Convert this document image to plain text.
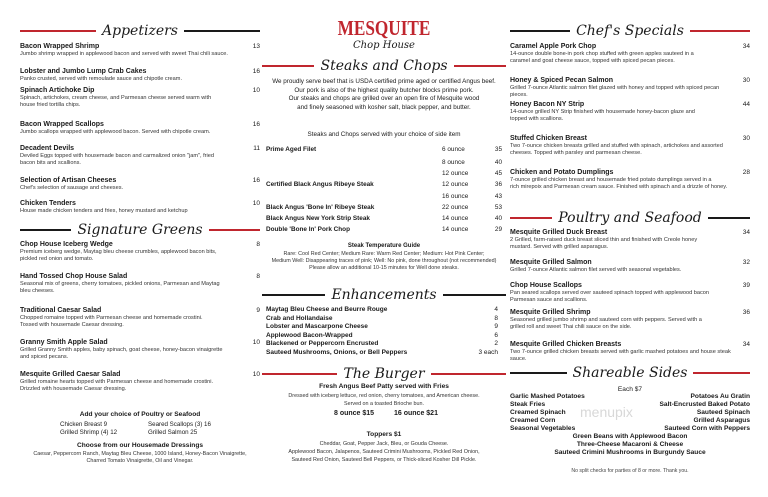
Appetizers
Bacon Wrapped Shrimp	13
Jumbo shrimp wrapped in applewood bacon and served with sweet Thai chili sauce.
Lobster and Jumbo Lump Crab Cakes	16
Panko crusted, served with remoulade sauce and chipotle cream.
Spinach Artichoke Dip	10
Spinach, artichokes, cream cheese, and Parmesan cheese served warm with
house fried tortilla chips.
Bacon Wrapped Scallops	16
Jumbo scallops wrapped with applewood bacon. Served with chipotle cream.
Decadent Devils	11
Deviled Eggs topped with housemade bacon and carmalized onion "jam", fried
bacon bits and scallions.
Selection of Artisan Cheeses	16
Chef's selection of sausage and cheeses.
Chicken Tenders	10
House made chicken tenders and fries, honey mustard and ketchup
Signature Greens
Chop House Iceberg Wedge	8
Premium iceberg wedge, Maytag bleu cheese crumbles, applewood bacon bits,
pickled red onion and tomato.
Hand Tossed Chop House Salad	8
Seasonal mix of greens, cherry tomatoes, pickled onions, Parmesan and Maytag
bleu cheeses.
Traditional Caesar Salad	9
Chopped romaine topped with Parmesan cheese and homemade crostini.
Tossed with housemade Caesar dressing.
Granny Smith Apple Salad	10
Grilled Granny Smith apples, baby spinach, goat cheese, honey-bacon vinaigrette
and spiced pecans.
Mesquite Grilled Caesar Salad	10
Grilled romaine hearts topped with Parmesan cheese and homemade crostini.
Drizzled with housemade Caesar dressing.
Add your choice of Poultry or Seafood
Chicken Breast 9
Grilled Shrimp (4) 12
Seared Scallops (3) 16
Grilled Salmon 25
Choose from our Housemade Dressings
Caesar, Peppercorn Ranch, Maytag Bleu Cheese, 1000 Island, Honey-Bacon Vinaigrette,
Charred Tomato Vinaigrette, Oil and Vinegar.
MESQUITE
Chop House
Steaks and Chops
We proudly serve beef that is USDA certified prime aged or certified Angus beef.
Our pork is also of the highest quality butcher blocks prime pork.
Our steaks and chops are grilled over an open fire of Mesquite wood
and finely seasoned with kosher salt, black pepper, and butter.
Steaks and Chops served with your choice of side item
Prime Aged Filet	6 ounce	35
8 ounce	40
12 ounce	45
Certified Black Angus Ribeye Steak	12 ounce	36
16 ounce	43
Black Angus 'Bone In' Ribeye Steak	22 ounce	53
Black Angus New York Strip Steak	14 ounce	40
Double 'Bone In' Pork Chop	14 ounce	29
Steak Temperature Guide
Rare: Cool Red Center; Medium Rare: Warm Red Center; Medium: Hot Pink Center;
Medium Well: Disappearing traces of pink; Well: No pink, done throughout (not recommended)
Please allow an additional 10-15 minutes for Well done steaks.
Enhancements
Maytag Bleu Cheese and Beurre Rouge	4
Crab and Hollandaise	8
Lobster and Mascarpone Cheese	9
Applewood Bacon-Wrapped	6
Blackened or Peppercorn Encrusted	2
Sauteed Mushrooms, Onions, or Bell Peppers	3 each
The Burger
Fresh Angus Beef Patty served with Fries
Dressed with iceberg lettuce, red onion, cherry tomatoes, and American cheese.
Served on a toasted Brioche bun.
8 ounce $15	16 ounce $21
Toppers $1
Cheddar, Goat, Pepper Jack, Bleu, or Gouda Cheese.
Applewood Bacon, Jalapenos, Sauteed Crimini Mushrooms, Pickled Red Onion,
Sauteed Red Onion, Sauteed Bell Peppers, or Thick-sliced Kosher Dill Pickle.
Chef's Specials
Caramel Apple Pork Chop	34
14-ounce double bone-in pork chop stuffed with green apples sauteed in a
caramel and goat cheese sauce, topped with spiced pecan pieces.
Honey & Spiced Pecan Salmon	30
Grilled 7-ounce Atlantic salmon filet glazed with honey and topped with spiced pecan pieces.
Honey Bacon NY Strip	44
14-ounce grilled NY Strip finished with housemade honey-bacon glaze and
topped with scallions.
Stuffed Chicken Breast	30
Two 7-ounce chicken breasts grilled and stuffed with spinach, artichokes and assorted
cheeses. Topped with parsley and parmesan cheese.
Chicken and Potato Dumplings	28
7-ounce grilled chicken breast and housemade fried potato dumplings served in a
rich mirepoix and Parmesan cream sauce. Finished with spinach and a drizzle of honey.
Poultry and Seafood
Mesquite Grilled Duck Breast	34
2 Grilled, farm-raised duck breast sliced thin and finished with Creole honey
mustard. Served with grilled asparagus.
Mesquite Grilled Salmon	32
Grilled 7-ounce Atlantic salmon filet served with seasonal vegetables.
Chop House Scallops	39
Pan seared scallops served over sauteed spinach topped with applewood bacon
Parmesan sauce and scallions.
Mesquite Grilled Shrimp	36
Seasoned grilled jumbo shrimp and sauteed corn with peppers. Served with a
grilled roll and sweet Thai chili sauce on the side.
Mesquite Grilled Chicken Breasts	34
Two 7-ounce grilled chicken breasts served with garlic mashed potatoes and house steak sauce.
Shareable Sides
Each $7
Garlic Mashed Potatoes
Steak Fries
Creamed Spinach
Creamed Corn
Seasonal Vegetables
Potatoes Au Gratin
Salt-Encrusted Baked Potato
Sauteed Spinach
Grilled Asparagus
Sauteed Corn with Peppers
Green Beans with Applewood Bacon
Three-Cheese Macaroni & Cheese
Sauteed Crimini Mushrooms in Burgundy Sauce
No split checks for parties of 8 or more. Thank you.
menupix
